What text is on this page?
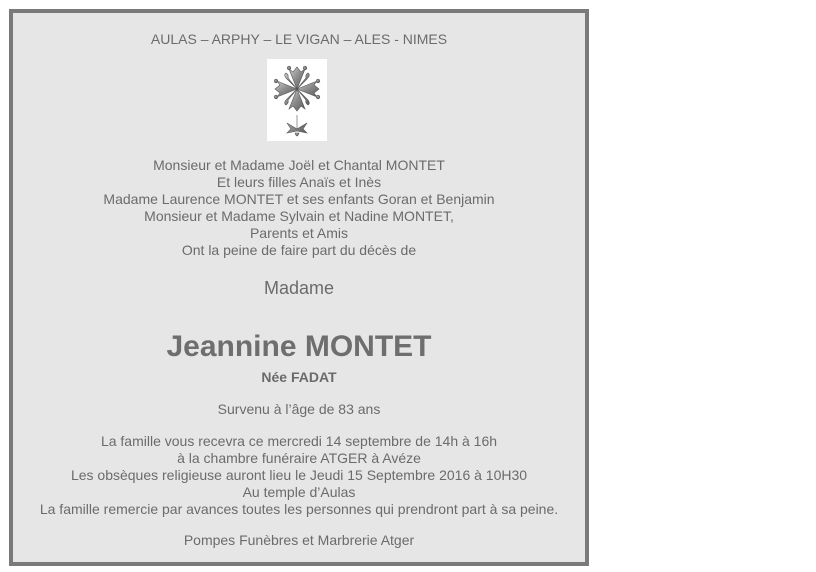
AULAS – ARPHY – LE VIGAN – ALES - NIMES
Monsieur et Madame Joël et Chantal MONTET
Et leurs filles Anaïs et Inès
Madame Laurence MONTET et ses enfants Goran et Benjamin
Monsieur et Madame Sylvain et Nadine MONTET,
Parents et Amis
Ont la peine de faire part du décès de
Madame
Jeannine MONTET
Née FADAT
Survenu à l’âge de 83 ans
La famille vous recevra ce mercredi 14 septembre de 14h à 16h
à la chambre funéraire ATGER à Avéze
Les obsèques religieuse auront lieu le Jeudi 15 Septembre 2016 à 10H30
Au temple d’Aulas
La famille remercie par avances toutes les personnes qui prendront part à sa peine.
Pompes Funèbres et Marbrerie Atger
